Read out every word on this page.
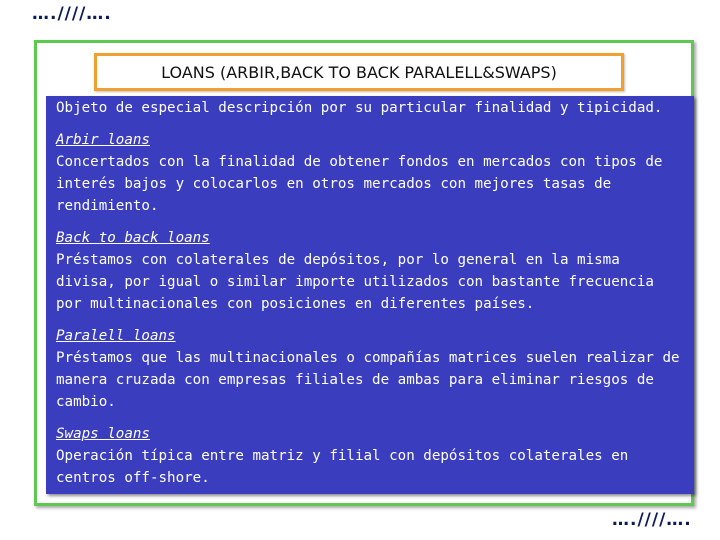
….////….
LOANS (ARBIR,BACK TO BACK PARALELL&SWAPS)

Objeto de especial descripción por su particular finalidad y tipicidad.

Arbir loans
Concertados con la finalidad de obtener fondos en mercados con tipos de interés bajos y colocarlos en otros mercados con mejores tasas de rendimiento.
Back to back loans
Préstamos con colaterales de depósitos, por lo general en la misma divisa, por igual o similar importe utilizados con bastante frecuencia por multinacionales con posiciones en diferentes países.
Paralell loans
Préstamos que las multinacionales o compañías matrices suelen realizar de manera cruzada con empresas filiales de ambas para eliminar riesgos de cambio.
Swaps loans
Operación típica entre matriz y filial con depósitos colaterales en centros off-shore.
….////….
